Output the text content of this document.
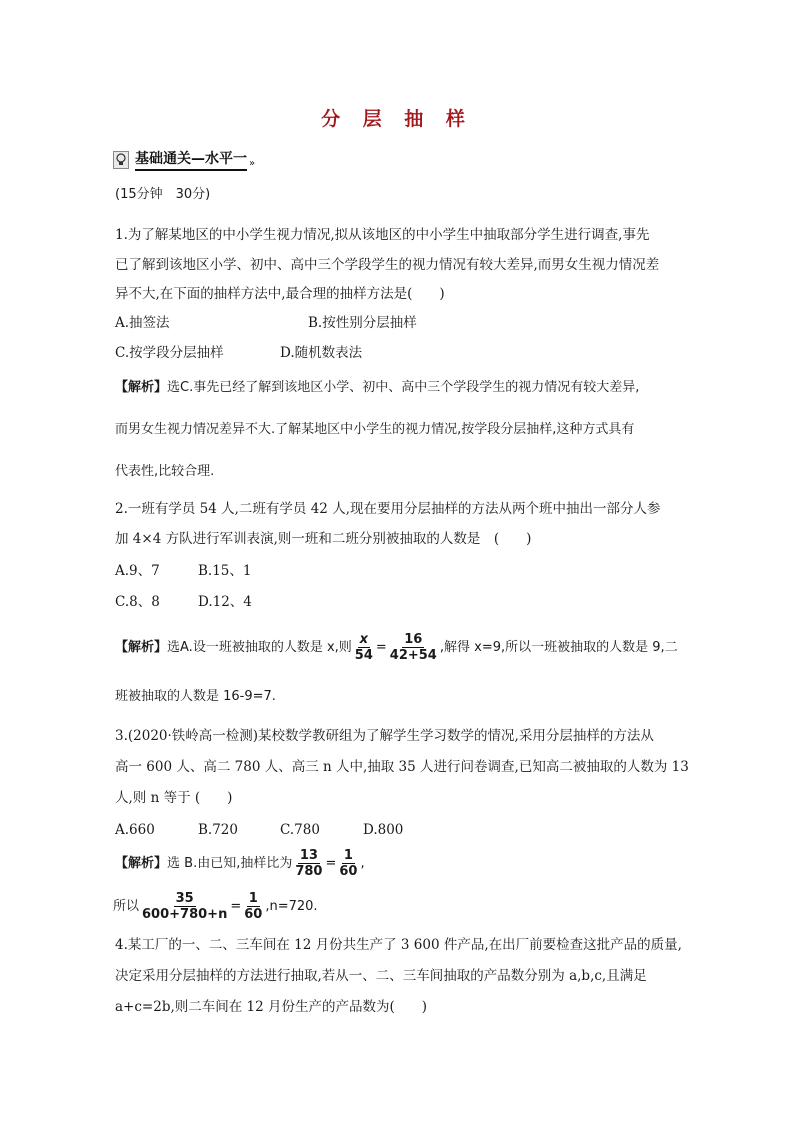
分 层 抽 样
基础通关—水平一 »
(15分钟　30分)
1.为了解某地区的中小学生视力情况,拟从该地区的中小学生中抽取部分学生进行调查,事先
已了解到该地区小学、初中、高中三个学段学生的视力情况有较大差异,而男女生视力情况差
异不大,在下面的抽样方法中,最合理的抽样方法是(　　)
A.抽签法	B.按性别分层抽样
C.按学段分层抽样	D.随机数表法
【解析】选C.事先已经了解到该地区小学、初中、高中三个学段学生的视力情况有较大差异,
而男女生视力情况差异不大.了解某地区中小学生的视力情况,按学段分层抽样,这种方式具有
代表性,比较合理.
2.一班有学员 54 人,二班有学员 42 人,现在要用分层抽样的方法从两个班中抽出一部分人参
加 4×4 方队进行军训表演,则一班和二班分别被抽取的人数是　(　　)
A.9、7	B.15、1
C.8、8	D.12、4
【解析】选A.设一班被抽取的人数是 x,则 $\frac{x}{54} = \frac{16}{42+54}$ ,解得 x=9,所以一班被抽取的人数是 9,二
班被抽取的人数是 16-9=7.
3.(2020·铁岭高一检测)某校数学教研组为了解学生学习数学的情况,采用分层抽样的方法从
高一 600 人、高二 780 人、高三 n 人中,抽取 35 人进行问卷调查,已知高二被抽取的人数为 13
人,则 n 等于 (　　)
A.660	B.720	C.780	D.800
【解析】选 B.由已知,抽样比为 $\frac{13}{780} = \frac{1}{60}$ ,
所以 $\frac{35}{600+780+n} = \frac{1}{60} ,n=720$.
4.某工厂的一、二、三车间在 12 月份共生产了 3 600 件产品,在出厂前要检查这批产品的质量,
决定采用分层抽样的方法进行抽取,若从一、二、三车间抽取的产品数分别为 a,b,c,且满足
a+c=2b,则二车间在 12 月份生产的产品数为(　　)
